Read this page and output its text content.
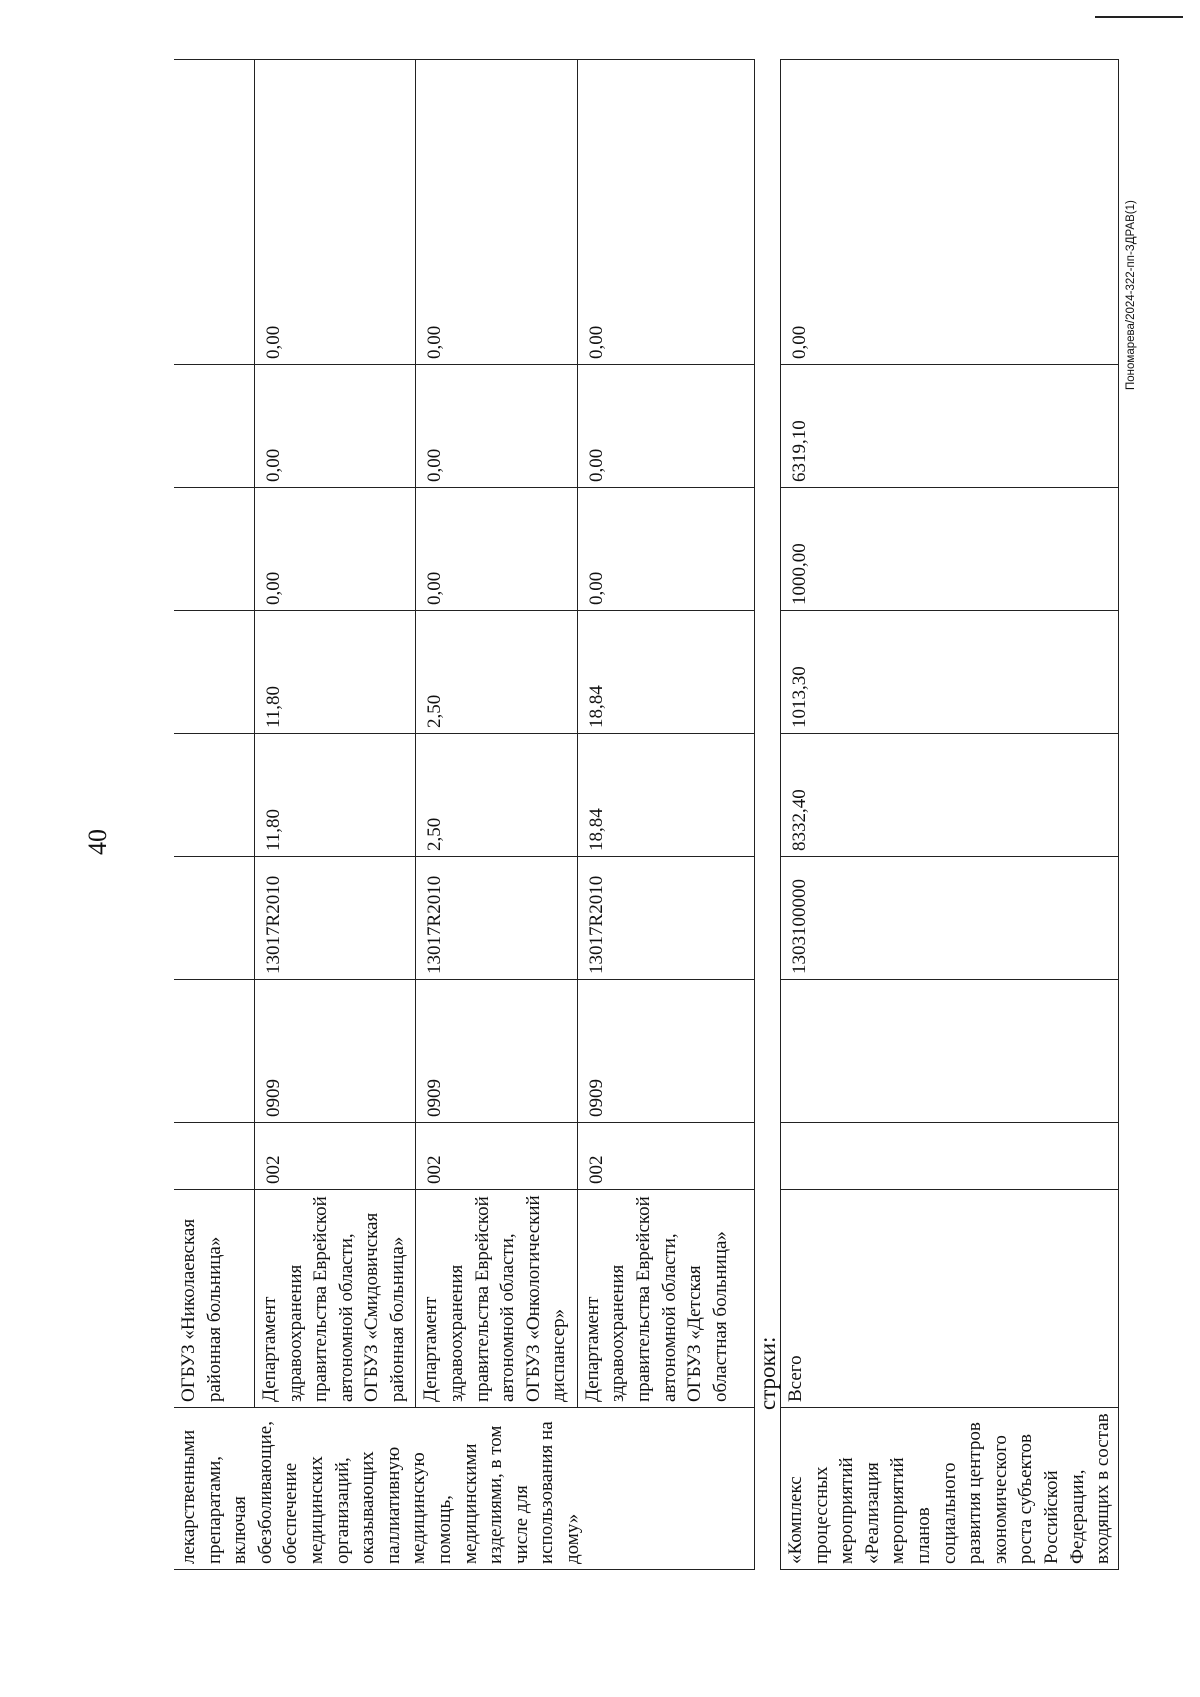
Пономарева/2024-322-пп-ЗДРАВ(1)
40
лекарственными препаратами, включая обезболивающие, обеспечение медицинских организаций, оказывающих паллиативную медицинскую помощь, медицинскими изделиями, в том числе для использования на дому»	ОГБУЗ «Николаевская районная больница»									
	Департамент здравоохранения правительства Еврейской автономной области, ОГБУЗ «Смидовичская районная больница»	002	0909	13017R2010	11,80	11,80	0,00	0,00	0,00	
	Департамент здравоохранения правительства Еврейской автономной области, ОГБУЗ «Онкологический диспансер»	002	0909	13017R2010	2,50	2,50	0,00	0,00	0,00	
	Департамент здравоохранения правительства Еврейской автономной области, ОГБУЗ «Детская областная больница»	002	0909	13017R2010	18,84	18,84	0,00	0,00	0,00	
строки:
«Комплекс процессных мероприятий «Реализация мероприятий планов социального развития центров экономического роста субъектов Российской Федерации, входящих в состав	Всего			1303100000	8332,40	1013,30	1000,00	6319,10	0,00	
